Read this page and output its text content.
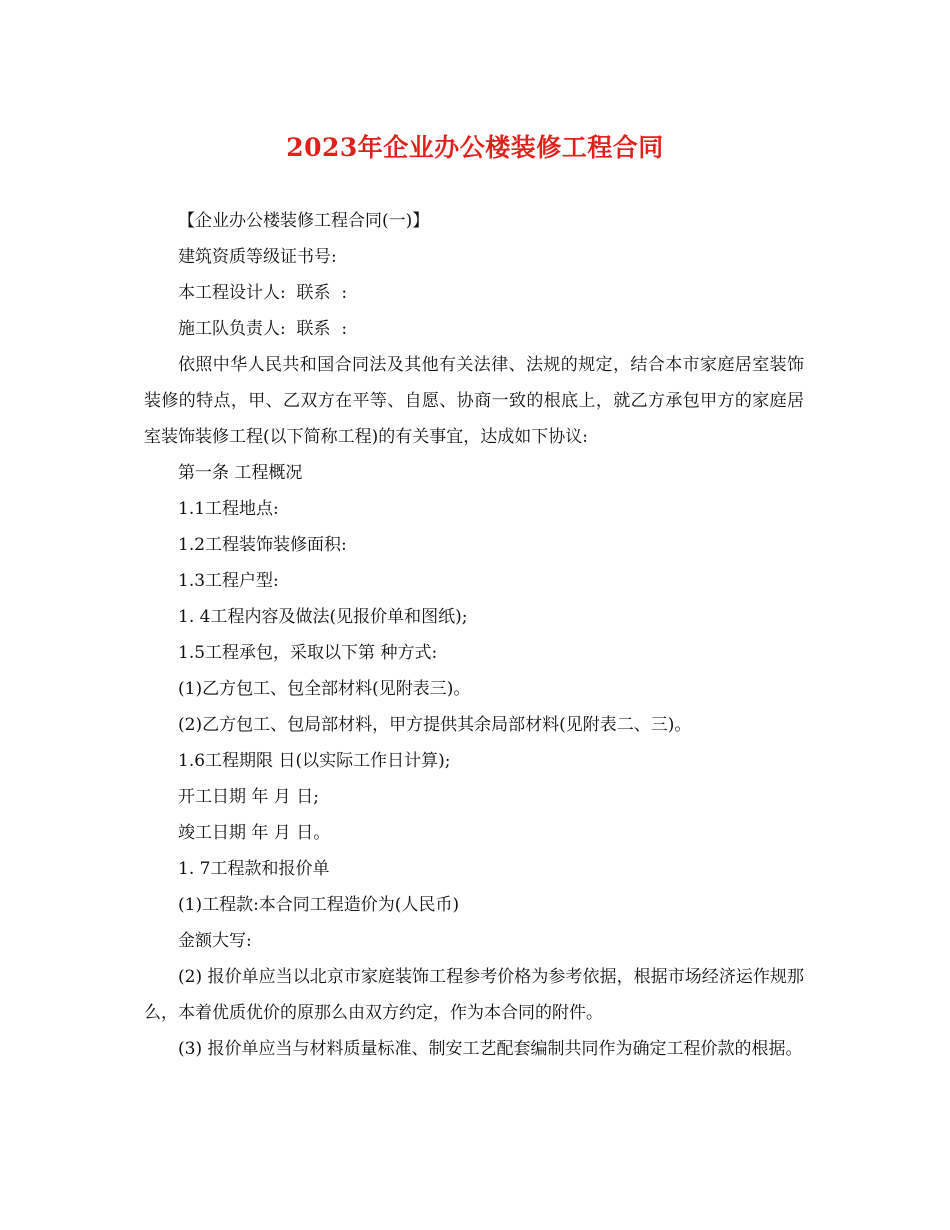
2023年企业办公楼装修工程合同

【企业办公楼装修工程合同(一)】

建筑资质等级证书号:

本工程设计人:  联系  :

施工队负责人:  联系  :

依照中华人民共和国合同法及其他有关法律、法规的规定，结合本市家庭居室装饰装修的特点，甲、乙双方在平等、自愿、协商一致的根底上，就乙方承包甲方的家庭居室装饰装修工程(以下简称工程)的有关事宜，达成如下协议:

第一条 工程概况

1.1工程地点:

1.2工程装饰装修面积:

1.3工程户型:

1. 4工程内容及做法(见报价单和图纸);

1.5工程承包，采取以下第 种方式:

(1)乙方包工、包全部材料(见附表三)。

(2)乙方包工、包局部材料，甲方提供其余局部材料(见附表二、三)。

1.6工程期限 日(以实际工作日计算);

开工日期 年 月 日;

竣工日期 年 月 日。

1. 7工程款和报价单

(1)工程款:本合同工程造价为(人民币)

金额大写:

(2) 报价单应当以北京市家庭装饰工程参考价格为参考依据，根据市场经济运作规那么，本着优质优价的原那么由双方约定，作为本合同的附件。

(3) 报价单应当与材料质量标准、制安工艺配套编制共同作为确定工程价款的根据。
